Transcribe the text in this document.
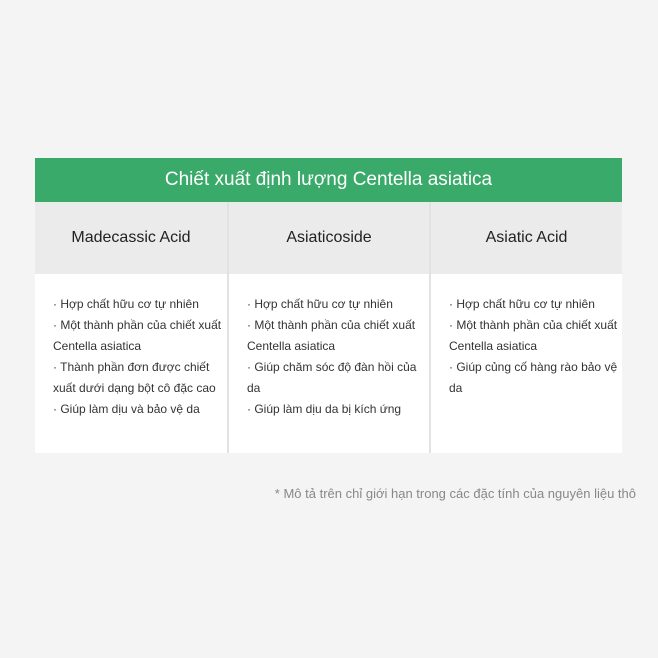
Chiết xuất định lượng Centella asiatica
Madecassic Acid

· Hợp chất hữu cơ tự nhiên

· Một thành phần của chiết xuất

Centella asiatica

· Thành phần đơn được chiết

xuất dưới dạng bột cô đặc cao

· Giúp làm dịu và bảo vệ da

Asiaticoside

· Hợp chất hữu cơ tự nhiên

· Một thành phần của chiết xuất

Centella asiatica

· Giúp chăm sóc độ đàn hồi của da

· Giúp làm dịu da bị kích ứng

Asiatic Acid

· Hợp chất hữu cơ tự nhiên

· Một thành phần của chiết xuất

Centella asiatica

· Giúp củng cố hàng rào bảo vệ da

* Mô tả trên chỉ giới hạn trong các đặc tính của nguyên liệu thô
